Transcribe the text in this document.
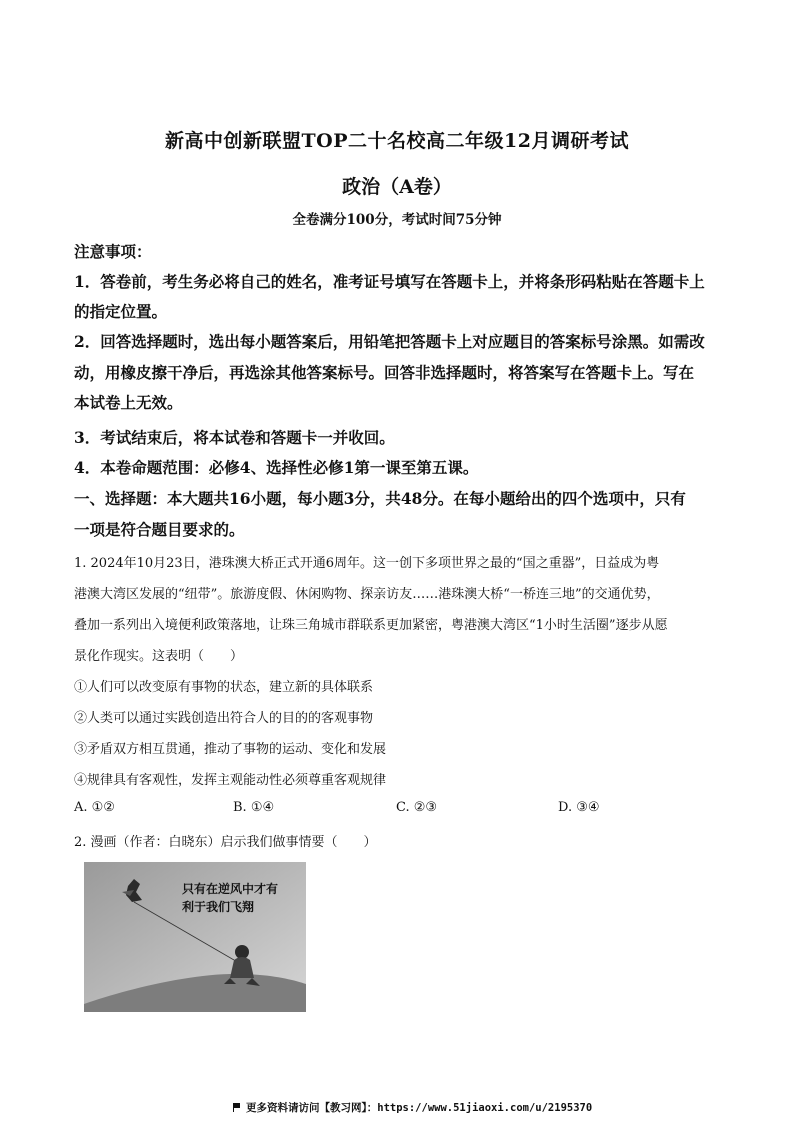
新高中创新联盟TOP二十名校高二年级12月调研考试
政治（A卷）
全卷满分100分，考试时间75分钟
注意事项：
1．答卷前，考生务必将自己的姓名，准考证号填写在答题卡上，并将条形码粘贴在答题卡上
的指定位置。
2．回答选择题时，选出每小题答案后，用铅笔把答题卡上对应题目的答案标号涂黑。如需改
动，用橡皮擦干净后，再选涂其他答案标号。回答非选择题时，将答案写在答题卡上。写在
本试卷上无效。
3．考试结束后，将本试卷和答题卡一并收回。
4．本卷命题范围：必修4、选择性必修1第一课至第五课。
一、选择题：本大题共16小题，每小题3分，共48分。在每小题给出的四个选项中，只有
一项是符合题目要求的。
1. 2024年10月23日，港珠澳大桥正式开通6周年。这一创下多项世界之最的“国之重器”，日益成为粤
港澳大湾区发展的“纽带”。旅游度假、休闲购物、探亲访友……港珠澳大桥“一桥连三地”的交通优势，
叠加一系列出入境便利政策落地，让珠三角城市群联系更加紧密，粤港澳大湾区“1小时生活圈”逐步从愿
景化作现实。这表明（　　）
①人们可以改变原有事物的状态，建立新的具体联系
②人类可以通过实践创造出符合人的目的的客观事物
③矛盾双方相互贯通，推动了事物的运动、变化和发展
④规律具有客观性，发挥主观能动性必须尊重客观规律
A. ①②	B. ①④	C. ②③	D. ③④
2. 漫画（作者：白晓东）启示我们做事情要（　　）
只有在逆风中才有
利于我们飞翔
更多资料请访问【教习网】：https://www.51jiaoxi.com/u/2195370
